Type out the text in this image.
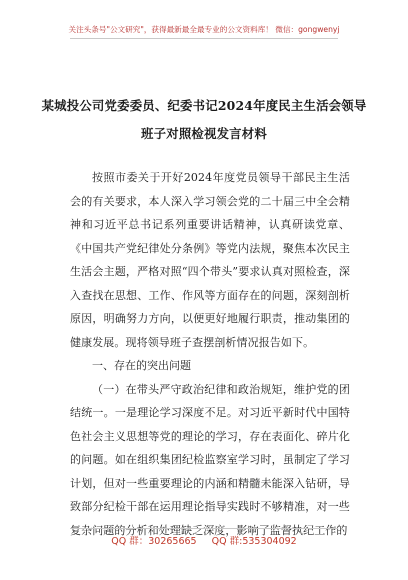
关注头条号"公文研究"，获得最新最全最专业的公文资料库！ 微信：gongwenyj
某城投公司党委委员、纪委书记2024年度民主生活会领导
班子对照检视发言材料

按照市委关于开好2024年度党员领导干部民主生活会的有关要求，本人深入学习领会党的二十届三中全会精神和习近平总书记系列重要讲话精神，认真研读党章、《中国共产党纪律处分条例》等党内法规，聚焦本次民主生活会主题，严格对照“四个带头”要求认真对照检查，深入查找在思想、工作、作风等方面存在的问题，深刻剖析原因，明确努力方向，以便更好地履行职责，推动集团的健康发展。现将领导班子查摆剖析情况报告如下。

一、存在的突出问题

（一）在带头严守政治纪律和政治规矩，维护党的团结统一。一是理论学习深度不足。对习近平新时代中国特色社会主义思想等党的理论的学习，存在表面化、碎片化的问题。如在组织集团纪检监察室学习时，虽制定了学习计划，但对一些重要理论的内涵和精髓未能深入钻研，导致部分纪检干部在运用理论指导实践时不够精准，对一些复杂问题的分析和处理缺乏深度，影响了监督执纪工作的

QQ 群：30265665 QQ 群:535304092
